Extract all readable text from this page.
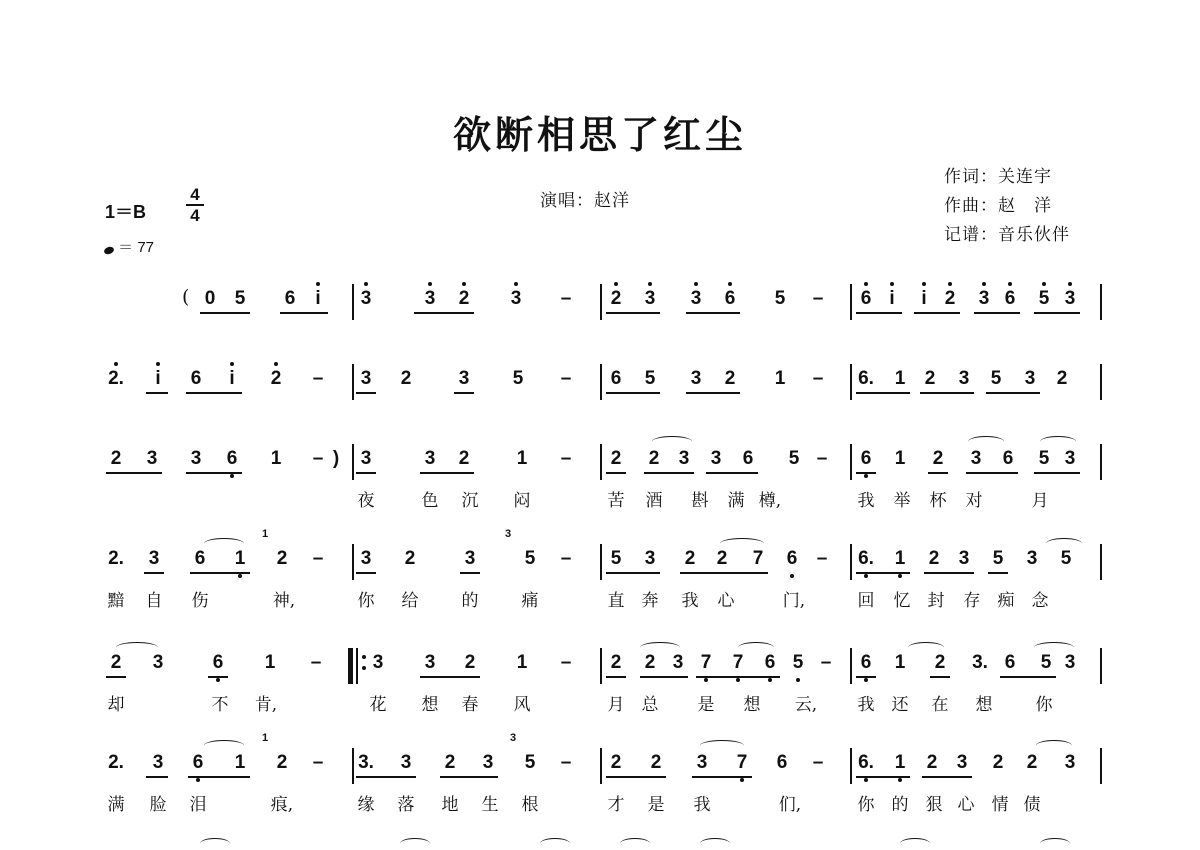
欲断相思了红尘
演唱：赵洋
作词：关连宇
作曲：赵　洋
记谱：音乐伙伴
1＝B
4
4
＝ 77
( 0 5 6	i	3	3 2 3 – 2 3 3 6 5 – 6 i	i 2 3 6 5 3
2.	i	6	i	2 – 3 2 3 5 – 6 5 3 2 1 – 6. 1 2 3 5 3 2
2 3 3 6 1 – )	3	3 2 1 – 2 2 3 3 6 5 – 6 1 2 3 6 5 3
夜	色 沉 闷	苦 酒 斟 满 樽,	我 举 杯 对	月
2. 3 6 1 2 – 3 2	3	5 – 5 3 2 2 7 6 – 6. 1 2 3 5 3 5
1	3
黯 自 伤	神,	你 给	的	痛	直 奔 我 心	门,	回 忆 封 存 痴 念
2 3	6 1 –	3 3 2 1 – 2 2 3 7 7 6 5 – 6 1 2 3. 6 5 3
却	不 肯,	花 想 春 风	月 总 是 想 云, 我 还 在 想	你
2. 3 6 1 2 – 3. 3 2 3 5 – 2 2 3 7 6 – 6. 1 2 3 2 2 3
1	3
满 脸 泪	痕,	缘 落 地 生 根	才 是 我	们,	你 的 狠 心 情 债
